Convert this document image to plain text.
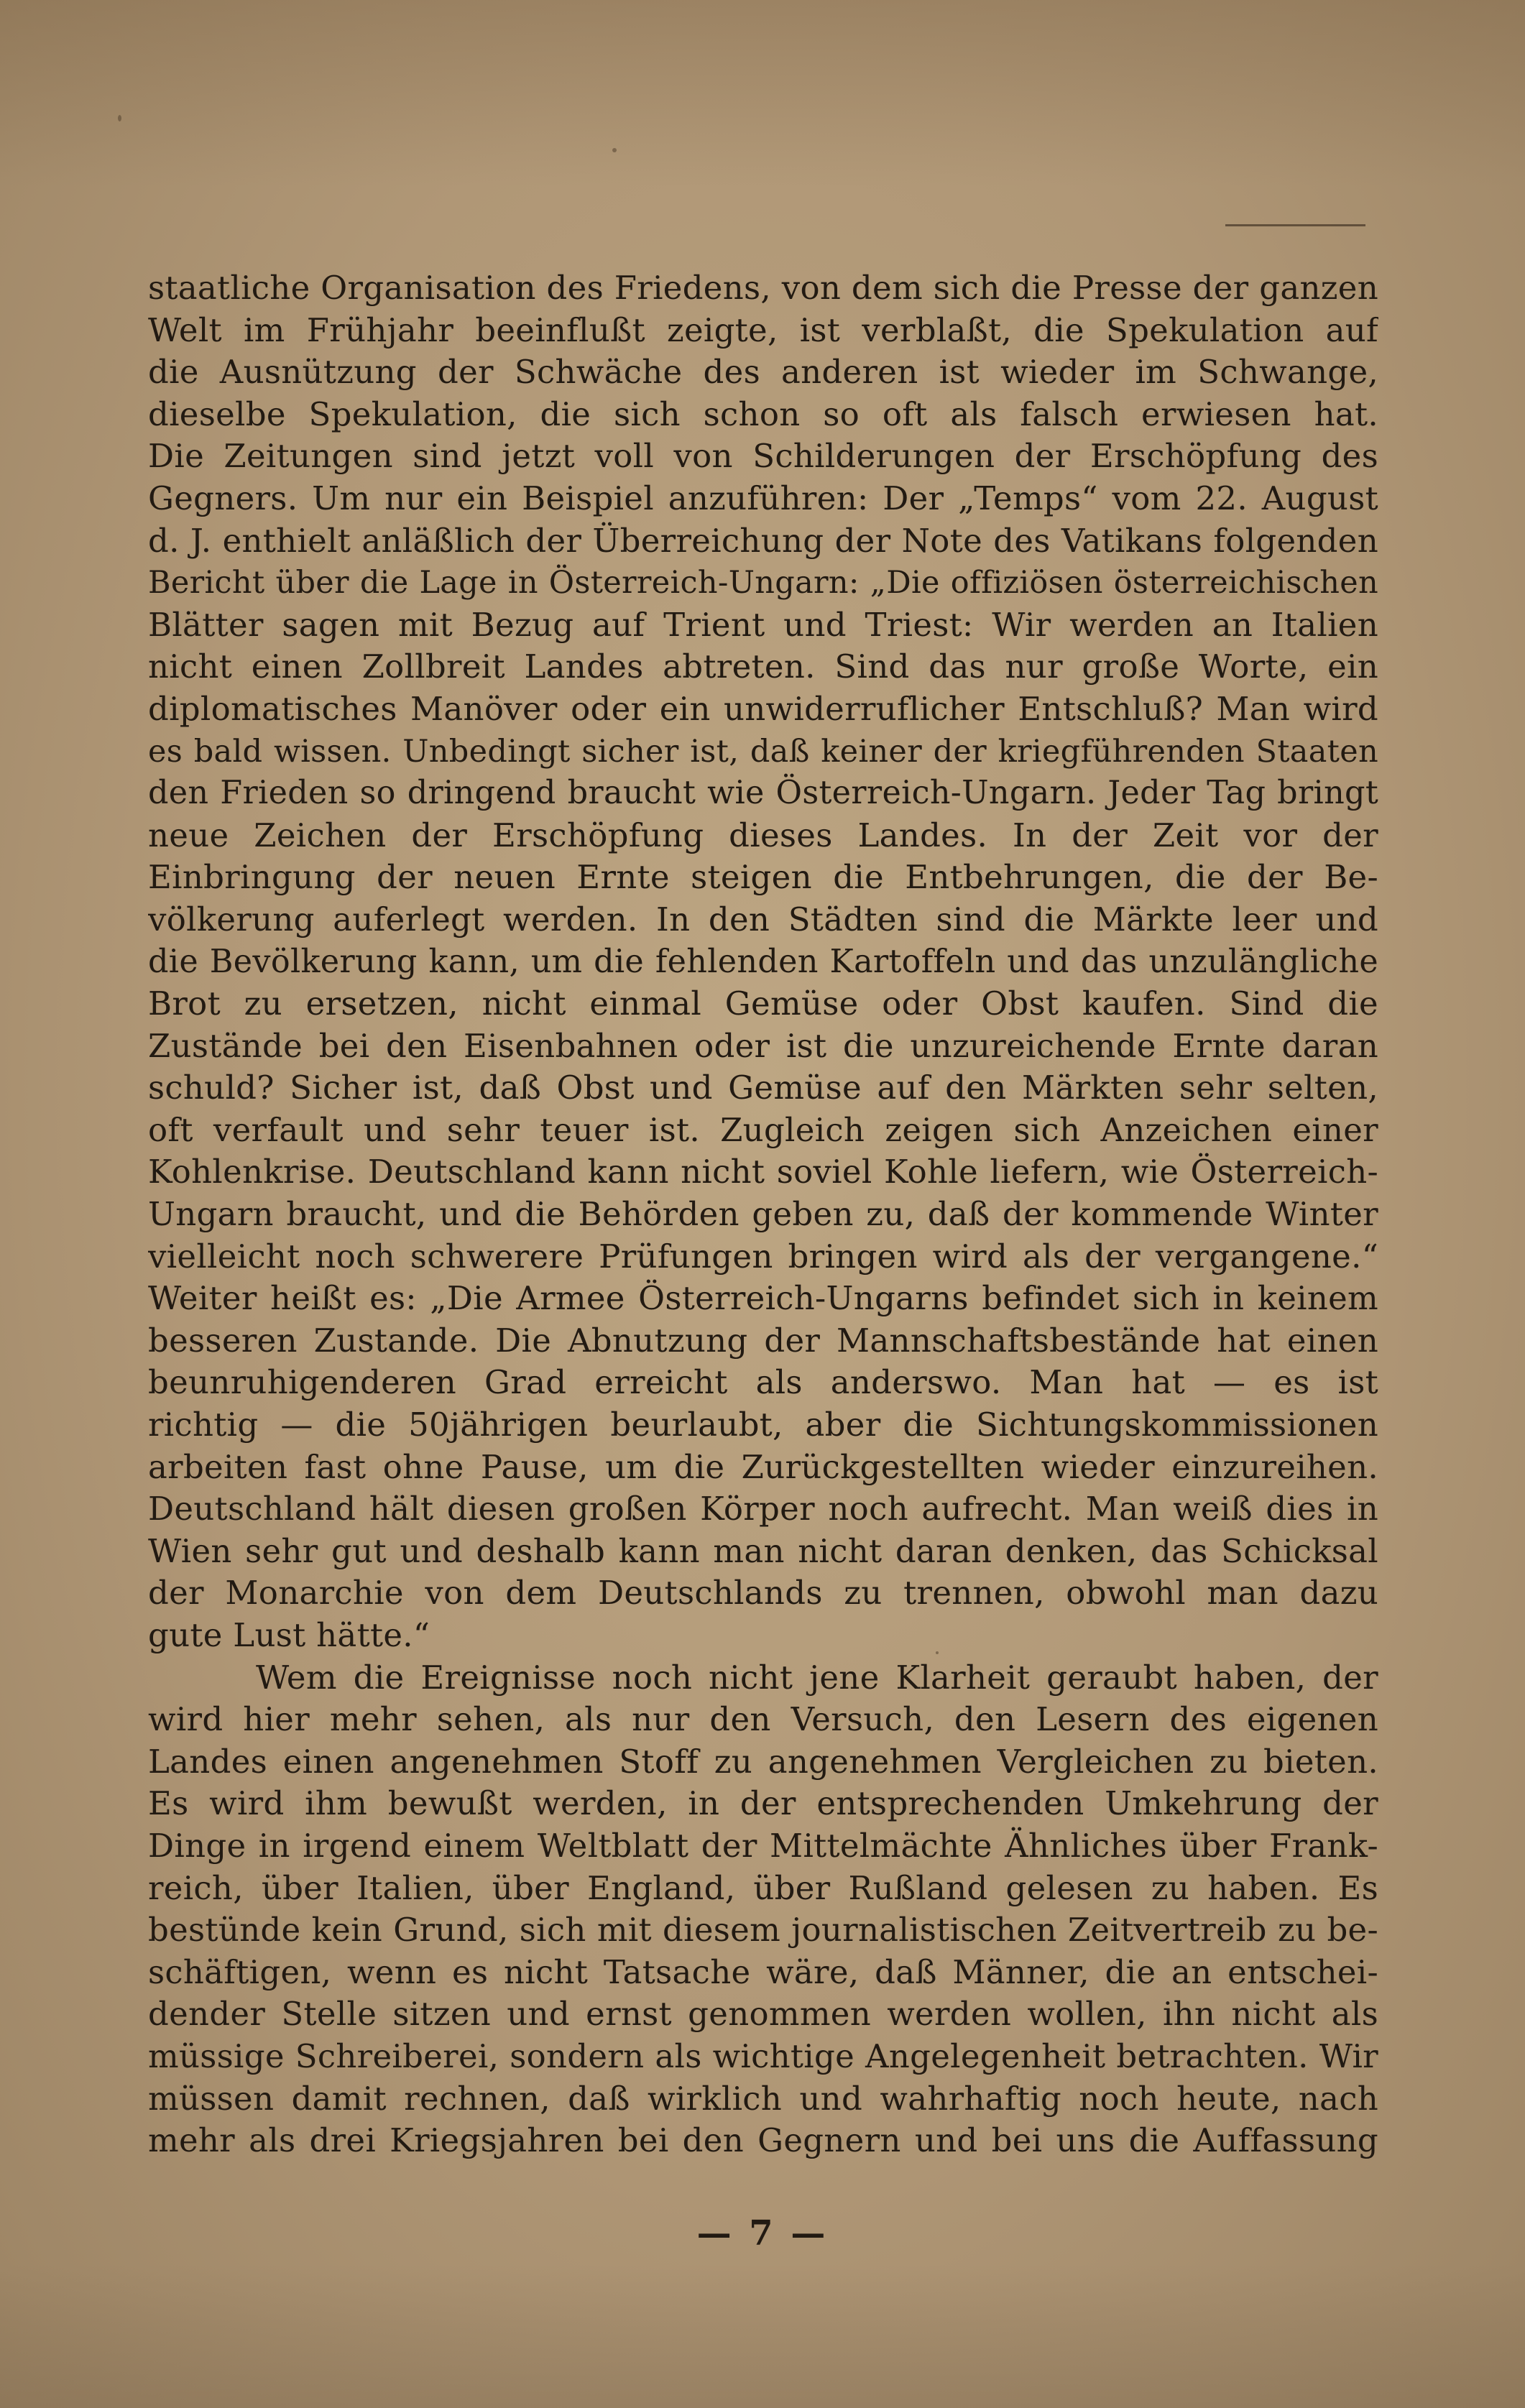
staatliche Organisation des Friedens, von dem sich die Presse der ganzen
Welt im Frühjahr beeinflußt zeigte, ist verblaßt, die Spekulation auf
die Ausnützung der Schwäche des anderen ist wieder im Schwange,
dieselbe Spekulation, die sich schon so oft als falsch erwiesen hat.
Die Zeitungen sind jetzt voll von Schilderungen der Erschöpfung des
Gegners. Um nur ein Beispiel anzuführen: Der „Temps“ vom 22. August
d. J. enthielt anläßlich der Überreichung der Note des Vatikans folgenden
Bericht über die Lage in Österreich-Ungarn: „Die offiziösen österreichischen
Blätter sagen mit Bezug auf Trient und Triest: Wir werden an Italien
nicht einen Zollbreit Landes abtreten. Sind das nur große Worte, ein
diplomatisches Manöver oder ein unwiderruflicher Entschluß? Man wird
es bald wissen. Unbedingt sicher ist, daß keiner der kriegführenden Staaten
den Frieden so dringend braucht wie Österreich-Ungarn. Jeder Tag bringt
neue Zeichen der Erschöpfung dieses Landes. In der Zeit vor der
Einbringung der neuen Ernte steigen die Entbehrungen, die der Be-
völkerung auferlegt werden. In den Städten sind die Märkte leer und
die Bevölkerung kann, um die fehlenden Kartoffeln und das unzulängliche
Brot zu ersetzen, nicht einmal Gemüse oder Obst kaufen. Sind die
Zustände bei den Eisenbahnen oder ist die unzureichende Ernte daran
schuld? Sicher ist, daß Obst und Gemüse auf den Märkten sehr selten,
oft verfault und sehr teuer ist. Zugleich zeigen sich Anzeichen einer
Kohlenkrise. Deutschland kann nicht soviel Kohle liefern, wie Österreich-
Ungarn braucht, und die Behörden geben zu, daß der kommende Winter
vielleicht noch schwerere Prüfungen bringen wird als der vergangene.“
Weiter heißt es: „Die Armee Österreich-Ungarns befindet sich in keinem
besseren Zustande. Die Abnutzung der Mannschaftsbestände hat einen
beunruhigenderen Grad erreicht als anderswo. Man hat — es ist
richtig — die 50jährigen beurlaubt, aber die Sichtungskommissionen
arbeiten fast ohne Pause, um die Zurückgestellten wieder einzureihen.
Deutschland hält diesen großen Körper noch aufrecht. Man weiß dies in
Wien sehr gut und deshalb kann man nicht daran denken, das Schicksal
der Monarchie von dem Deutschlands zu trennen, obwohl man dazu
gute Lust hätte.“
Wem die Ereignisse noch nicht jene Klarheit geraubt haben, der
wird hier mehr sehen, als nur den Versuch, den Lesern des eigenen
Landes einen angenehmen Stoff zu angenehmen Vergleichen zu bieten.
Es wird ihm bewußt werden, in der entsprechenden Umkehrung der
Dinge in irgend einem Weltblatt der Mittelmächte Ähnliches über Frank-
reich, über Italien, über England, über Rußland gelesen zu haben. Es
bestünde kein Grund, sich mit diesem journalistischen Zeitvertreib zu be-
schäftigen, wenn es nicht Tatsache wäre, daß Männer, die an entschei-
dender Stelle sitzen und ernst genommen werden wollen, ihn nicht als
müssige Schreiberei, sondern als wichtige Angelegenheit betrachten. Wir
müssen damit rechnen, daß wirklich und wahrhaftig noch heute, nach
mehr als drei Kriegsjahren bei den Gegnern und bei uns die Auffassung
— 7 —
